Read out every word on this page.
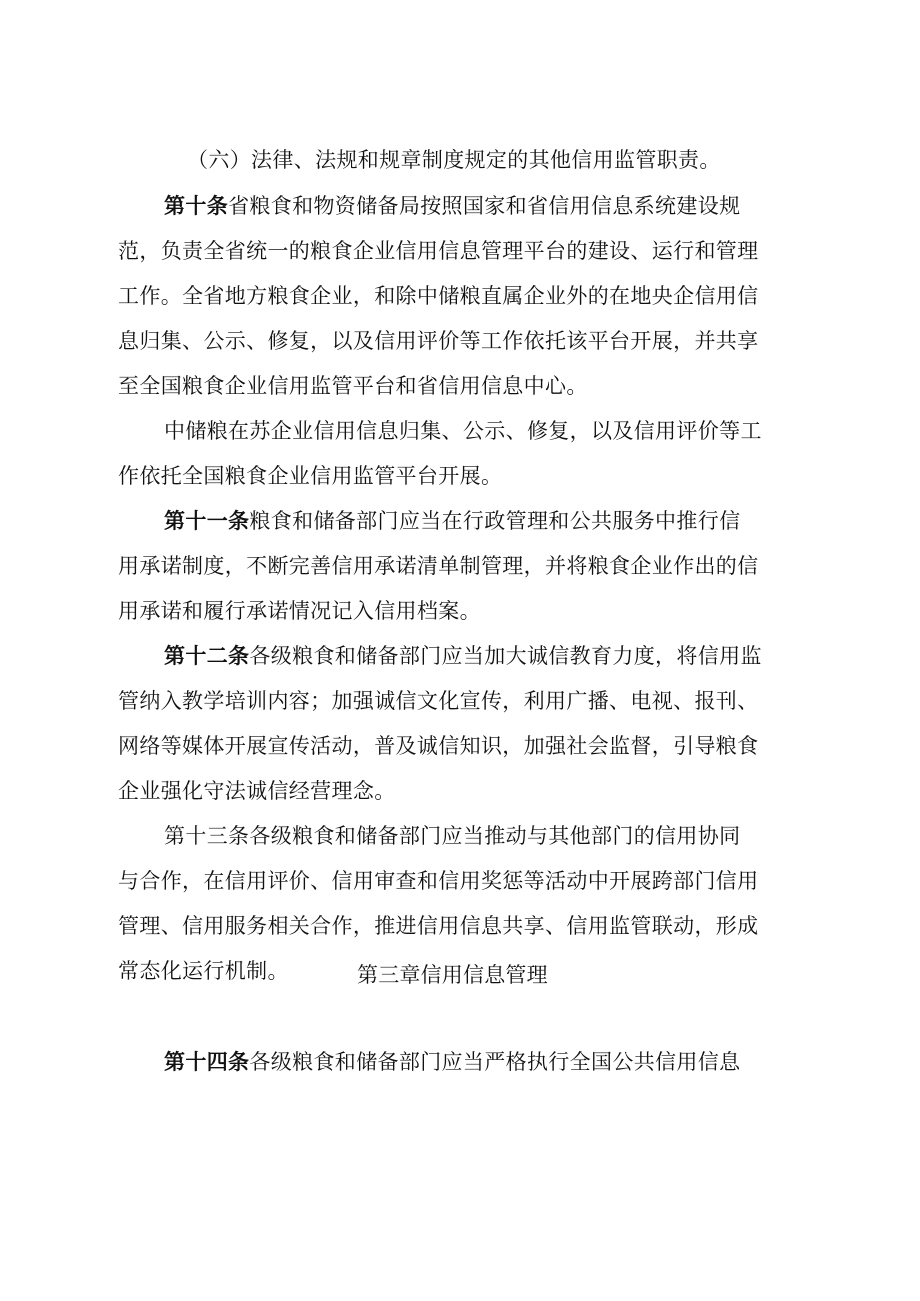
（六）法律、法规和规章制度规定的其他信用监管职责。
第十条省粮食和物资储备局按照国家和省信用信息系统建设规
范，负责全省统一的粮食企业信用信息管理平台的建设、运行和管理
工作。全省地方粮食企业，和除中储粮直属企业外的在地央企信用信
息归集、公示、修复，以及信用评价等工作依托该平台开展，并共享
至全国粮食企业信用监管平台和省信用信息中心。
中储粮在苏企业信用信息归集、公示、修复，以及信用评价等工
作依托全国粮食企业信用监管平台开展。
第十一条粮食和储备部门应当在行政管理和公共服务中推行信
用承诺制度，不断完善信用承诺清单制管理，并将粮食企业作出的信
用承诺和履行承诺情况记入信用档案。
第十二条各级粮食和储备部门应当加大诚信教育力度，将信用监
管纳入教学培训内容；加强诚信文化宣传，利用广播、电视、报刊、
网络等媒体开展宣传活动，普及诚信知识，加强社会监督，引导粮食
企业强化守法诚信经营理念。
第十三条各级粮食和储备部门应当推动与其他部门的信用协同
与合作，在信用评价、信用审查和信用奖惩等活动中开展跨部门信用
管理、信用服务相关合作，推进信用信息共享、信用监管联动，形成
常态化运行机制。	第三章信用信息管理
第十四条各级粮食和储备部门应当严格执行全国公共信用信息
